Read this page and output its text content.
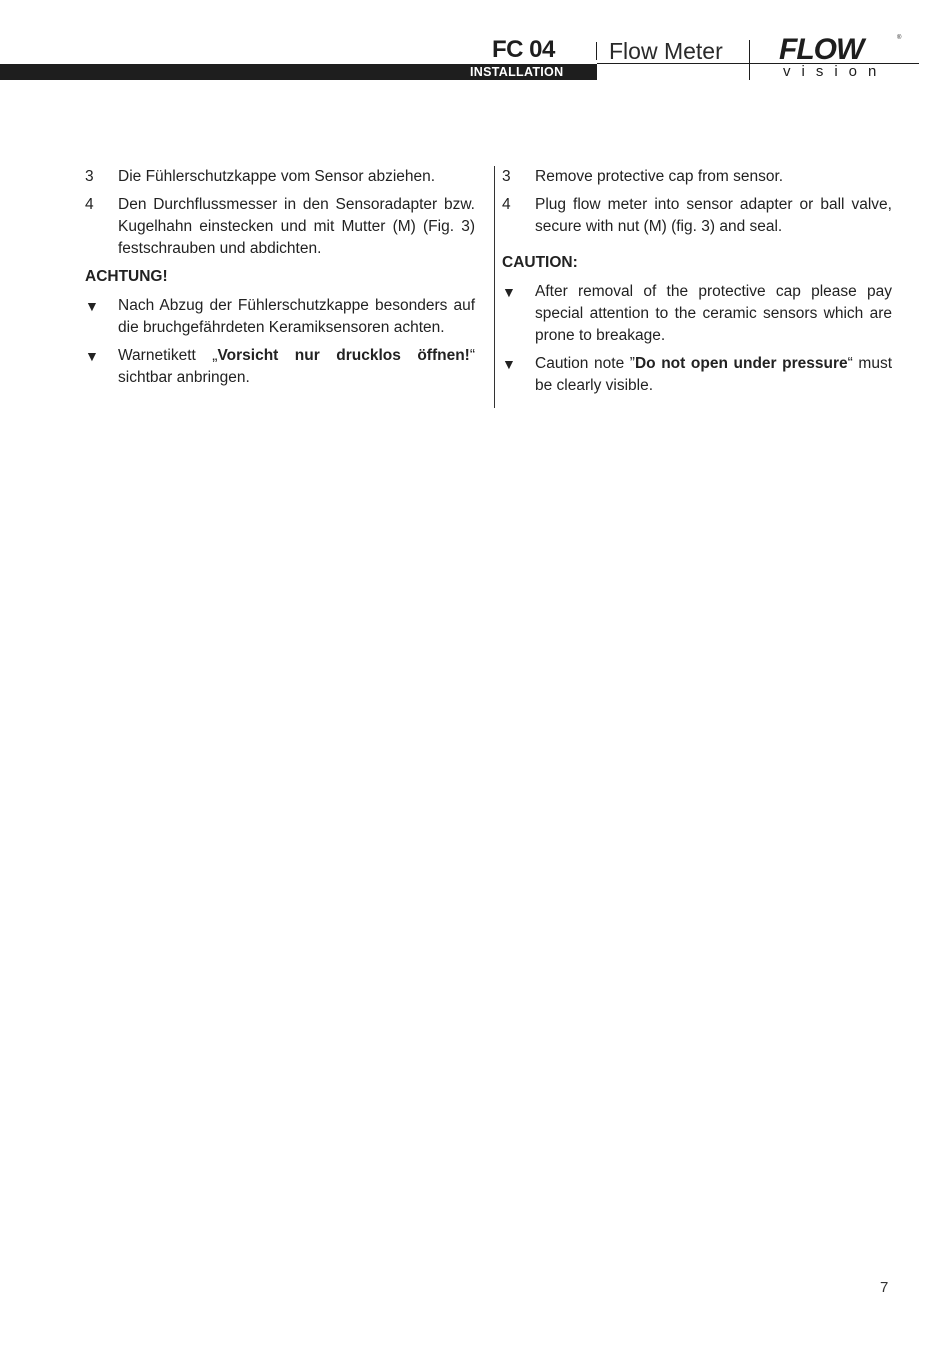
INSTALLATION
FC 04 Flow Meter FLOW	®
vision
3	Die Fühlerschutzkappe vom Sensor abziehen.
4	Den Durchflussmesser in den Sensoradapter bzw. Kugelhahn einstecken und mit Mutter (M) (Fig. 3) festschrauben und abdichten.
ACHTUNG!
▼	Nach Abzug der Fühlerschutzkappe besonders auf die bruchgefährdeten Keramiksensoren achten.
▼	Warnetikett „Vorsicht nur drucklos öffnen!“ sichtbar anbringen.
3	Remove protective cap from sensor.
4	Plug flow meter into sensor adapter or ball valve, secure with nut (M) (fig. 3) and seal.
CAUTION:
▼	After removal of the protective cap please pay special attention to the ceramic sensors which are prone to breakage.
▼	Caution note ”Do not open under pressure“ must be clearly visible.
7
